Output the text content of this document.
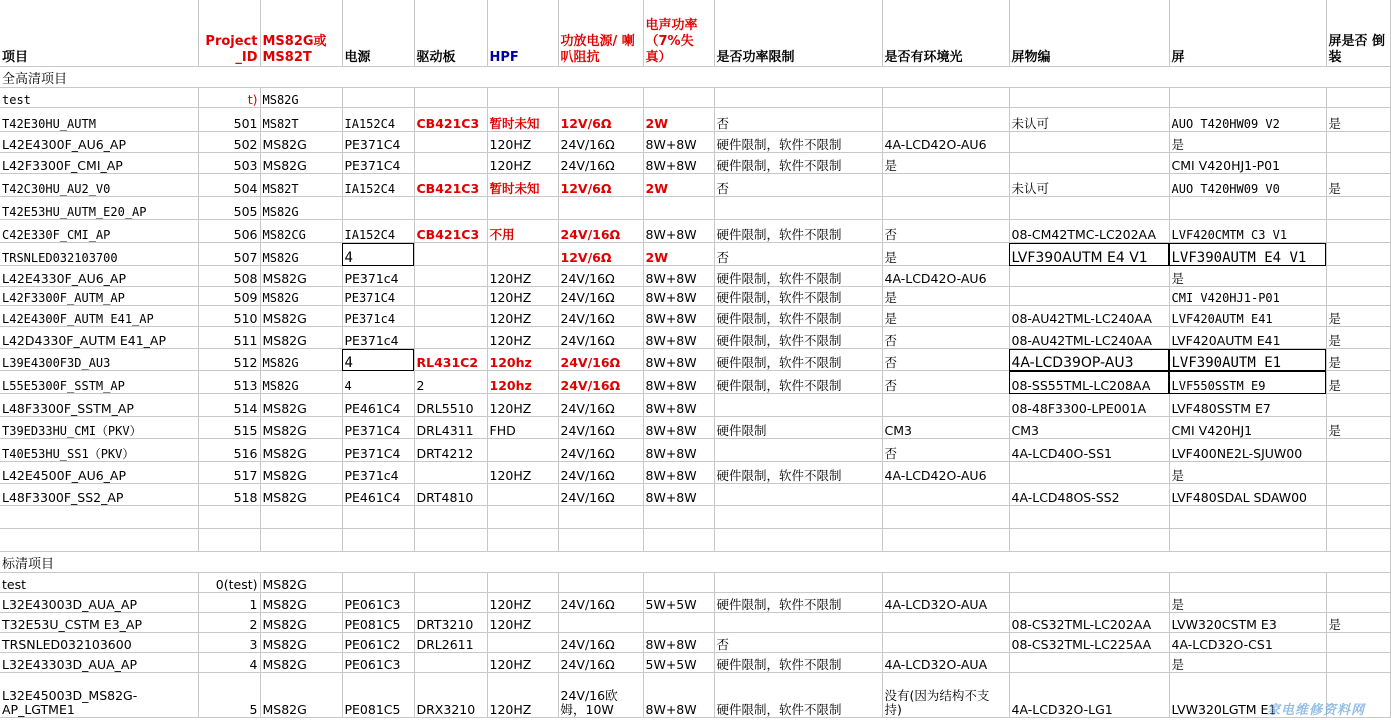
项目	Project _ID	MS82G或 MS82T	电源	驱动板	HPF	功放电源/ 喇叭阻抗	电声功率 （7%失 真）	是否功率限制	是否有环境光	屏物编	屏	屏是否 倒装
全高清项目												
test	t)	MS82G										
T42E30HU_AUTM	501	MS82T	IA152C4	CB421C3	暂时未知	12V/6Ω	2W	否		未认可	AUO T420HW09 V2	是
L42E4300F_AU6_AP	502	MS82G	PE371C4		120HZ	24V/16Ω	8W+8W	硬件限制，软件不限制	4A-LCD42O-AU6		是	
L42F3300F_CMI_AP	503	MS82G	PE371C4		120HZ	24V/16Ω	8W+8W	硬件限制，软件不限制	是		CMI V420HJ1-P01	
T42C30HU_AU2_V0	504	MS82T	IA152C4	CB421C3	暂时未知	12V/6Ω	2W	否		未认可	AUO T420HW09 V0	是
T42E53HU_AUTM_E20_AP	505	MS82G										
C42E330F_CMI_AP	506	MS82CG	IA152C4	CB421C3	不用	24V/16Ω	8W+8W	硬件限制，软件不限制	否	08-CM42TMC-LC202AA	LVF420CMTM C3 V1	
TRSNLED032103700	507	MS82G	4			12V/6Ω	2W	否	是	LVF390AUTM E4 V1	LVF390AUTM E4 V1	
L42E4330F_AU6_AP	508	MS82G	PE371c4		120HZ	24V/16Ω	8W+8W	硬件限制，软件不限制	4A-LCD42O-AU6		是	
L42F3300F_AUTM_AP	509	MS82G	PE371C4		120HZ	24V/16Ω	8W+8W	硬件限制，软件不限制	是		CMI V420HJ1-P01	
L42E4300F_AUTM E41_AP	510	MS82G	PE371c4		120HZ	24V/16Ω	8W+8W	硬件限制，软件不限制	是	08-AU42TML-LC240AA	LVF420AUTM E41	是
L42D4330F_AUTM E41_AP	511	MS82G	PE371c4		120HZ	24V/16Ω	8W+8W	硬件限制，软件不限制	否	08-AU42TML-LC240AA	LVF420AUTM E41	是
L39E4300F3D_AU3	512	MS82G	4	RL431C2	120hz	24V/16Ω	8W+8W	硬件限制，软件不限制	否	4A-LCD39OP-AU3	LVF390AUTM E1	是
L55E5300F_SSTM_AP	513	MS82G	4	2	120hz	24V/16Ω	8W+8W	硬件限制，软件不限制	否	08-SS55TML-LC208AA	LVF550SSTM E9	是
L48F3300F_SSTM_AP	514	MS82G	PE461C4	DRL5510	120HZ	24V/16Ω	8W+8W			08-48F3300-LPE001A	LVF480SSTM E7	
T39ED33HU_CMI（PKV）	515	MS82G	PE371C4	DRL4311	FHD	24V/16Ω	8W+8W	硬件限制	CM3	CM3	CMI V420HJ1	是
T40E53HU_SS1（PKV）	516	MS82G	PE371C4	DRT4212		24V/16Ω	8W+8W		否	4A-LCD40O-SS1	LVF400NE2L-SJUW00	
L42E4500F_AU6_AP	517	MS82G	PE371c4		120HZ	24V/16Ω	8W+8W	硬件限制，软件不限制	4A-LCD42O-AU6		是	
L48F3300F_SS2_AP	518	MS82G	PE461C4	DRT4810		24V/16Ω	8W+8W			4A-LCD48OS-SS2	LVF480SDAL SDAW00	

标清项目												
test	0(test)	MS82G										
L32E43003D_AUA_AP	1	MS82G	PE061C3		120HZ	24V/16Ω	5W+5W	硬件限制，软件不限制	4A-LCD32O-AUA		是	
T32E53U_CSTM E3_AP	2	MS82G	PE081C5	DRT3210	120HZ					08-CS32TML-LC202AA	LVW320CSTM E3	是
TRSNLED032103600	3	MS82G	PE061C2	DRL2611		24V/16Ω	8W+8W	否		08-CS32TML-LC225AA	4A-LCD32O-CS1	
L32E43303D_AUA_AP	4	MS82G	PE061C3		120HZ	24V/16Ω	5W+5W	硬件限制，软件不限制	4A-LCD32O-AUA		是	
L32E45003D_MS82G-AP_LGTME1	5	MS82G	PE081C5	DRX3210	120HZ	24V/16欧姆，10W	8W+8W	硬件限制，软件不限制	没有(因为结构不支持)	4A-LCD32O-LG1	LVW320LGTM E1	
家电维修资料网
